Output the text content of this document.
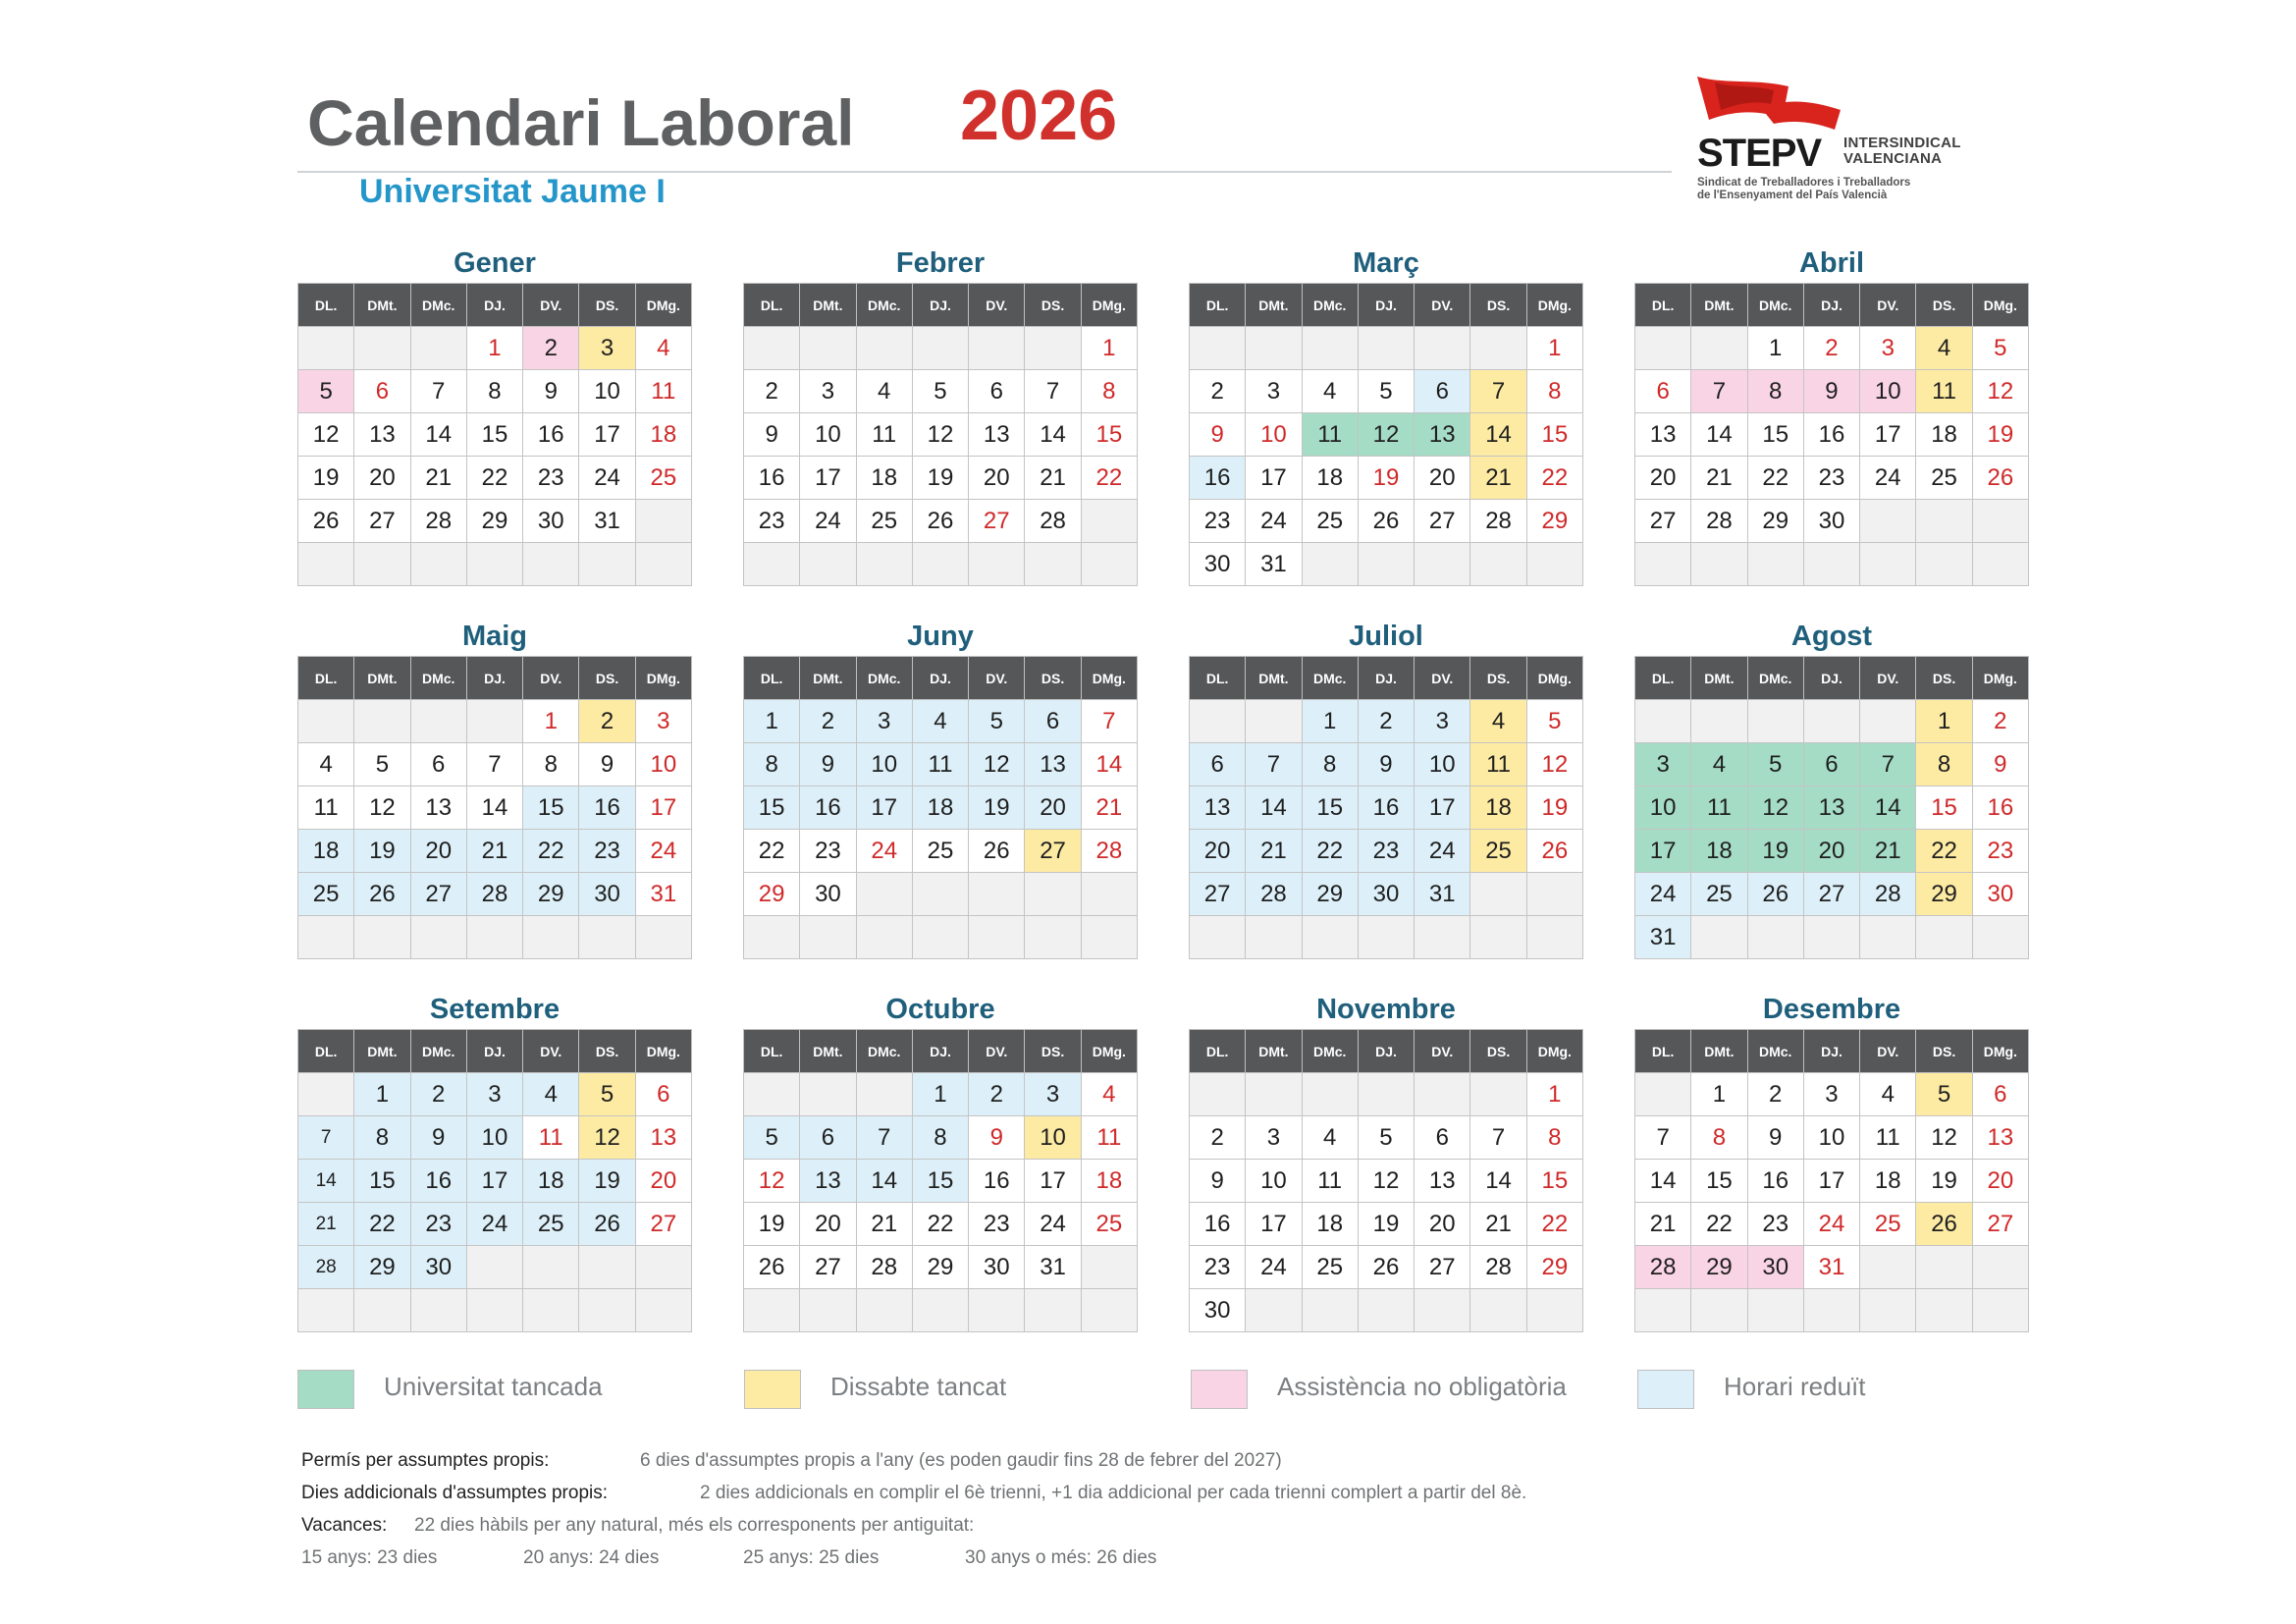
Calendari Laboral 2026
Universitat Jaume I
STEPV INTERSINDICAL
VALENCIANA
Sindicat de Treballadores i Treballadors
de l'Ensenyament del País Valencià
Gener
DL.	DMt.	DMc.	DJ.	DV.	DS.	DMg.
			1	2	3	4
5	6	7	8	9	10	11
12	13	14	15	16	17	18
19	20	21	22	23	24	25
26	27	28	29	30	31	

Febrer
DL.	DMt.	DMc.	DJ.	DV.	DS.	DMg.
						1
2	3	4	5	6	7	8
9	10	11	12	13	14	15
16	17	18	19	20	21	22
23	24	25	26	27	28	

Març
DL.	DMt.	DMc.	DJ.	DV.	DS.	DMg.
						1
2	3	4	5	6	7	8
9	10	11	12	13	14	15
16	17	18	19	20	21	22
23	24	25	26	27	28	29
30	31					
Abril
DL.	DMt.	DMc.	DJ.	DV.	DS.	DMg.
		1	2	3	4	5
6	7	8	9	10	11	12
13	14	15	16	17	18	19
20	21	22	23	24	25	26
27	28	29	30			

Maig
DL.	DMt.	DMc.	DJ.	DV.	DS.	DMg.
				1	2	3
4	5	6	7	8	9	10
11	12	13	14	15	16	17
18	19	20	21	22	23	24
25	26	27	28	29	30	31

Juny
DL.	DMt.	DMc.	DJ.	DV.	DS.	DMg.
1	2	3	4	5	6	7
8	9	10	11	12	13	14
15	16	17	18	19	20	21
22	23	24	25	26	27	28
29	30					

Juliol
DL.	DMt.	DMc.	DJ.	DV.	DS.	DMg.
		1	2	3	4	5
6	7	8	9	10	11	12
13	14	15	16	17	18	19
20	21	22	23	24	25	26
27	28	29	30	31		

Agost
DL.	DMt.	DMc.	DJ.	DV.	DS.	DMg.
					1	2
3	4	5	6	7	8	9
10	11	12	13	14	15	16
17	18	19	20	21	22	23
24	25	26	27	28	29	30
31						
Setembre
DL.	DMt.	DMc.	DJ.	DV.	DS.	DMg.
	1	2	3	4	5	6
7	8	9	10	11	12	13
14	15	16	17	18	19	20
21	22	23	24	25	26	27
28	29	30				

Octubre
DL.	DMt.	DMc.	DJ.	DV.	DS.	DMg.
			1	2	3	4
5	6	7	8	9	10	11
12	13	14	15	16	17	18
19	20	21	22	23	24	25
26	27	28	29	30	31	

Novembre
DL.	DMt.	DMc.	DJ.	DV.	DS.	DMg.
						1
2	3	4	5	6	7	8
9	10	11	12	13	14	15
16	17	18	19	20	21	22
23	24	25	26	27	28	29
30						
Desembre
DL.	DMt.	DMc.	DJ.	DV.	DS.	DMg.
	1	2	3	4	5	6
7	8	9	10	11	12	13
14	15	16	17	18	19	20
21	22	23	24	25	26	27
28	29	30	31			

Universitat tancada	Dissabte tancat	Assistència no obligatòria	Horari reduït
Permís per assumptes propis:	6 dies d'assumptes propis a l'any (es poden gaudir fins 28 de febrer del 2027)
Dies addicionals d'assumptes propis:	2 dies addicionals en complir el 6è trienni, +1 dia addicional per cada trienni complert a partir del 8è.
Vacances: 22 dies hàbils per any natural, més els corresponents per antiguitat:
15 anys: 23 dies	20 anys: 24 dies	25 anys: 25 dies	30 anys o més: 26 dies
